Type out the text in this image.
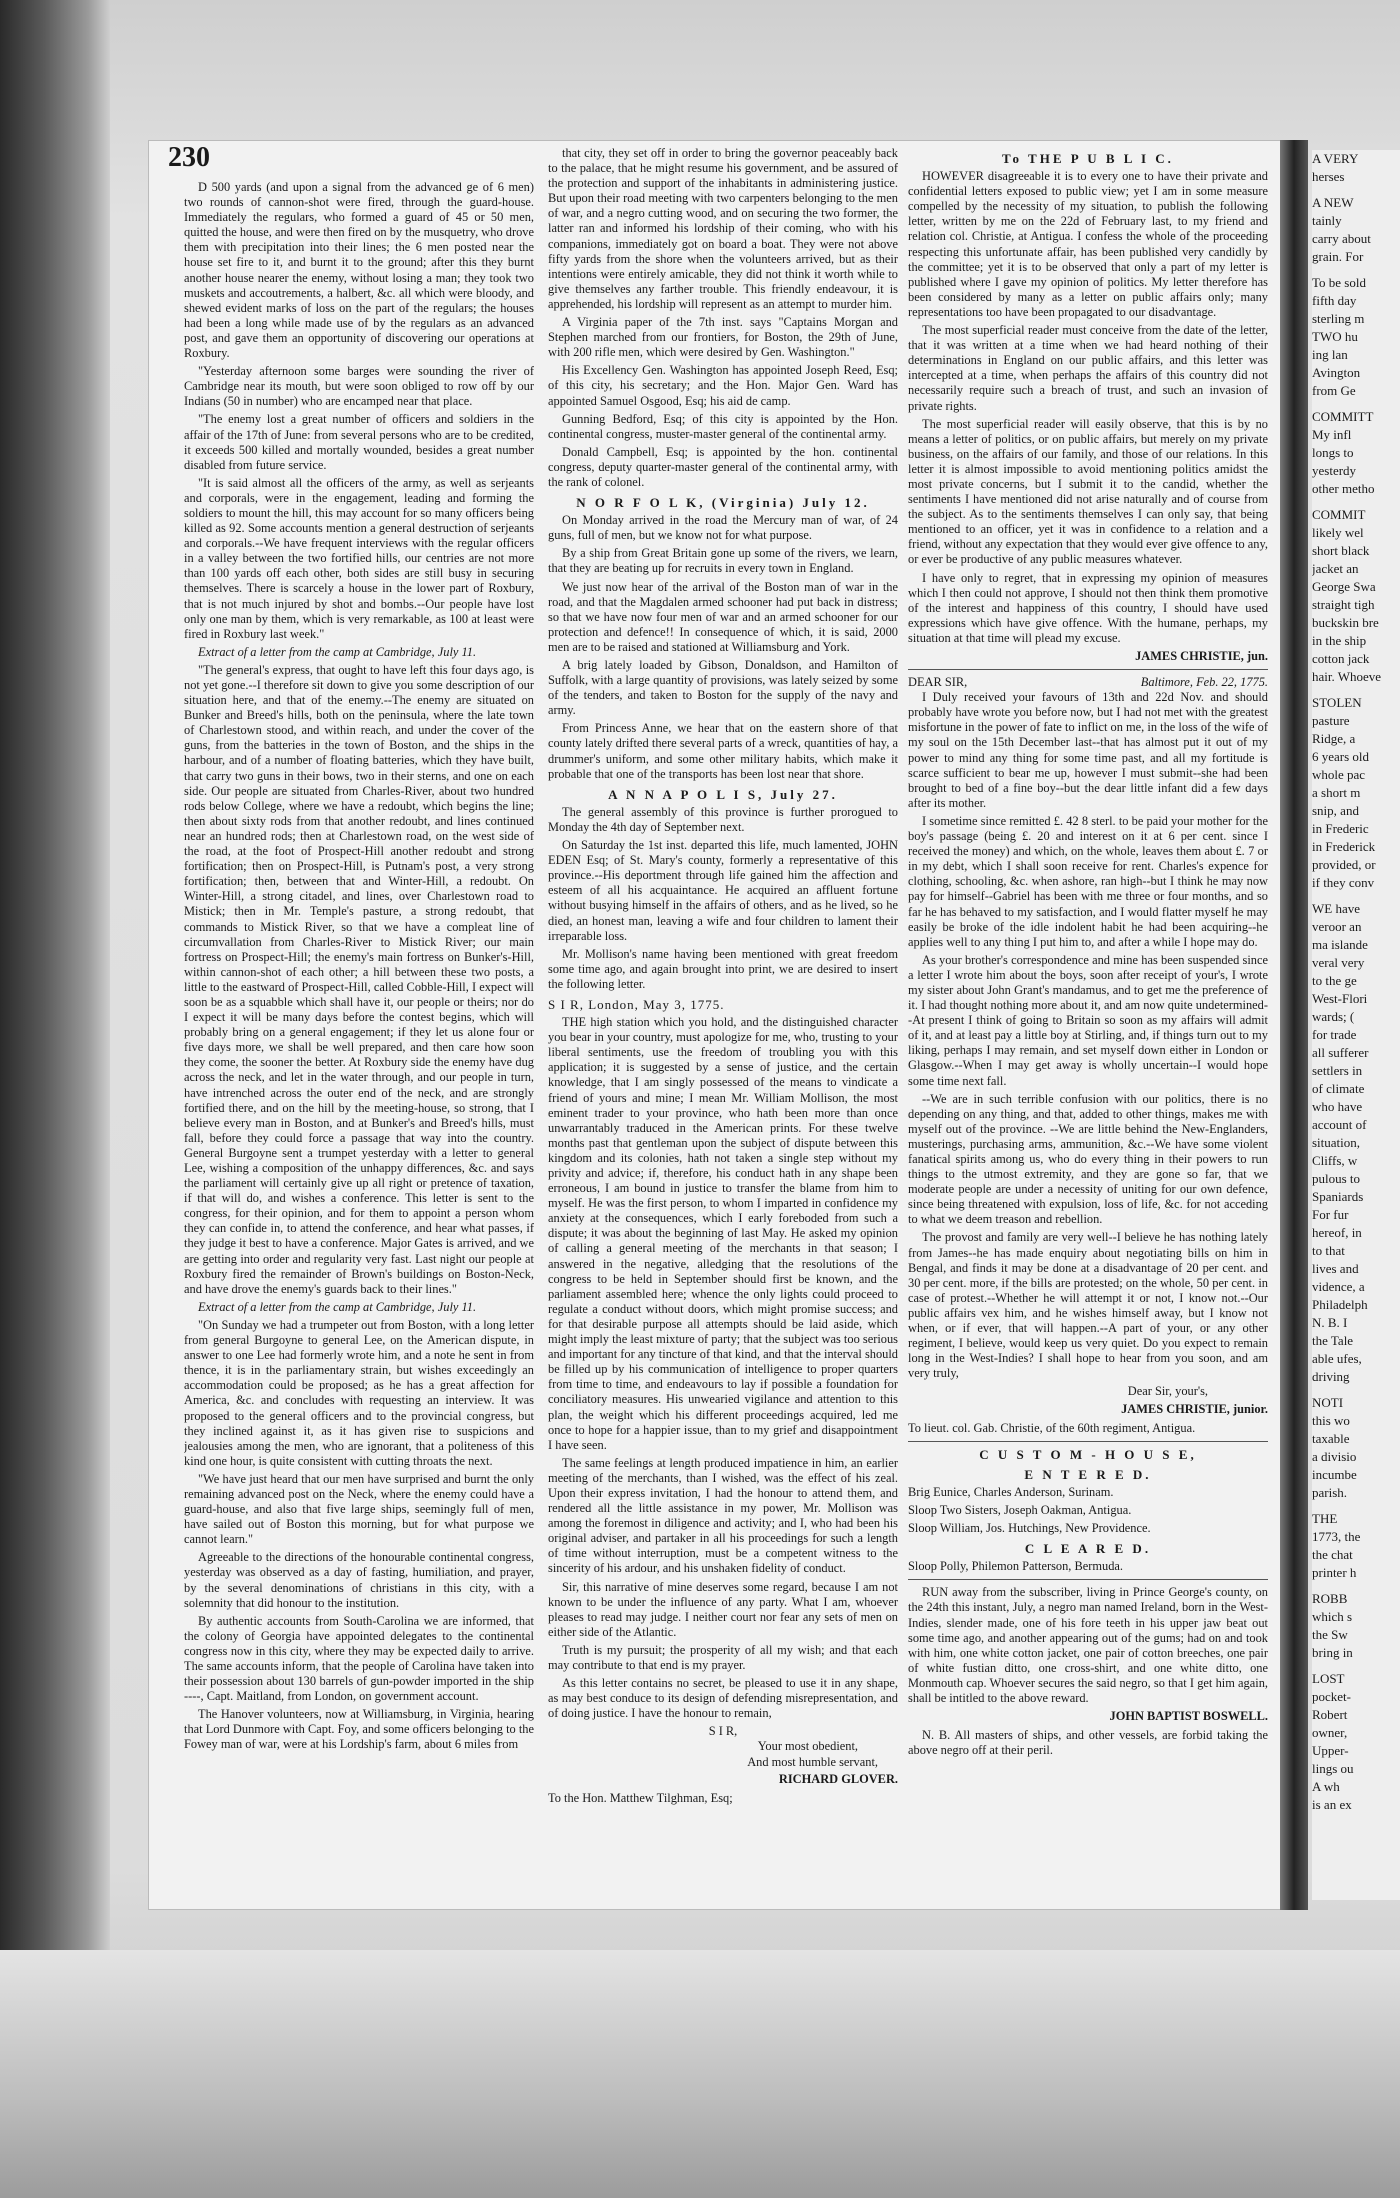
230

D 500 yards (and upon a signal from the advanced ge of 6 men) two rounds of cannon-shot were fired, through the guard-house. Immediately the regulars, who formed a guard of 45 or 50 men, quitted the house, and were then fired on by the musquetry, who drove them with precipitation into their lines; the 6 men posted near the house set fire to it, and burnt it to the ground; after this they burnt another house nearer the enemy, without losing a man; they took two muskets and accoutrements, a halbert, &c. all which were bloody, and shewed evident marks of loss on the part of the regulars; the houses had been a long while made use of by the regulars as an advanced post, and gave them an opportunity of discovering our operations at Roxbury.

"Yesterday afternoon some barges were sounding the river of Cambridge near its mouth, but were soon obliged to row off by our Indians (50 in number) who are encamped near that place.

"The enemy lost a great number of officers and soldiers in the affair of the 17th of June: from several persons who are to be credited, it exceeds 500 killed and mortally wounded, besides a great number disabled from future service.

"It is said almost all the officers of the army, as well as serjeants and corporals, were in the engagement, leading and forming the soldiers to mount the hill, this may account for so many officers being killed as 92. Some accounts mention a general destruction of serjeants and corporals.--We have frequent interviews with the regular officers in a valley between the two fortified hills, our centries are not more than 100 yards off each other, both sides are still busy in securing themselves. There is scarcely a house in the lower part of Roxbury, that is not much injured by shot and bombs.--Our people have lost only one man by them, which is very remarkable, as 100 at least were fired in Roxbury last week."

Extract of a letter from the camp at Cambridge, July 11.

"The general's express, that ought to have left this four days ago, is not yet gone.--I therefore sit down to give you some description of our situation here, and that of the enemy.--The enemy are situated on Bunker and Breed's hills, both on the peninsula, where the late town of Charlestown stood, and within reach, and under the cover of the guns, from the batteries in the town of Boston, and the ships in the harbour, and of a number of floating batteries, which they have built, that carry two guns in their bows, two in their sterns, and one on each side. Our people are situated from Charles-River, about two hundred rods below College, where we have a redoubt, which begins the line; then about sixty rods from that another redoubt, and lines continued near an hundred rods; then at Charlestown road, on the west side of the road, at the foot of Prospect-Hill another redoubt and strong fortification; then on Prospect-Hill, is Putnam's post, a very strong fortification; then, between that and Winter-Hill, a redoubt. On Winter-Hill, a strong citadel, and lines, over Charlestown road to Mistick; then in Mr. Temple's pasture, a strong redoubt, that commands to Mistick River, so that we have a compleat line of circumvallation from Charles-River to Mistick River; our main fortress on Prospect-Hill; the enemy's main fortress on Bunker's-Hill, within cannon-shot of each other; a hill between these two posts, a little to the eastward of Prospect-Hill, called Cobble-Hill, I expect will soon be as a squabble which shall have it, our people or theirs; nor do I expect it will be many days before the contest begins, which will probably bring on a general engagement; if they let us alone four or five days more, we shall be well prepared, and then care how soon they come, the sooner the better. At Roxbury side the enemy have dug across the neck, and let in the water through, and our people in turn, have intrenched across the outer end of the neck, and are strongly fortified there, and on the hill by the meeting-house, so strong, that I believe every man in Boston, and at Bunker's and Breed's hills, must fall, before they could force a passage that way into the country. General Burgoyne sent a trumpet yesterday with a letter to general Lee, wishing a composition of the unhappy differences, &c. and says the parliament will certainly give up all right or pretence of taxation, if that will do, and wishes a conference. This letter is sent to the congress, for their opinion, and for them to appoint a person whom they can confide in, to attend the conference, and hear what passes, if they judge it best to have a conference. Major Gates is arrived, and we are getting into order and regularity very fast. Last night our people at Roxbury fired the remainder of Brown's buildings on Boston-Neck, and have drove the enemy's guards back to their lines."

Extract of a letter from the camp at Cambridge, July 11.

"On Sunday we had a trumpeter out from Boston, with a long letter from general Burgoyne to general Lee, on the American dispute, in answer to one Lee had formerly wrote him, and a note he sent in from thence, it is in the parliamentary strain, but wishes exceedingly an accommodation could be proposed; as he has a great affection for America, &c. and concludes with requesting an interview. It was proposed to the general officers and to the provincial congress, but they inclined against it, as it has given rise to suspicions and jealousies among the men, who are ignorant, that a politeness of this kind one hour, is quite consistent with cutting throats the next.

"We have just heard that our men have surprised and burnt the only remaining advanced post on the Neck, where the enemy could have a guard-house, and also that five large ships, seemingly full of men, have sailed out of Boston this morning, but for what purpose we cannot learn."

Agreeable to the directions of the honourable continental congress, yesterday was observed as a day of fasting, humiliation, and prayer, by the several denominations of christians in this city, with a solemnity that did honour to the institution.

By authentic accounts from South-Carolina we are informed, that the colony of Georgia have appointed delegates to the continental congress now in this city, where they may be expected daily to arrive. The same accounts inform, that the people of Carolina have taken into their possession about 130 barrels of gun-powder imported in the ship ----, Capt. Maitland, from London, on government account.

The Hanover volunteers, now at Williamsburg, in Virginia, hearing that Lord Dunmore with Capt. Foy, and some officers belonging to the Fowey man of war, were at his Lordship's farm, about 6 miles from

that city, they set off in order to bring the governor peaceably back to the palace, that he might resume his government, and be assured of the protection and support of the inhabitants in administering justice. But upon their road meeting with two carpenters belonging to the men of war, and a negro cutting wood, and on securing the two former, the latter ran and informed his lordship of their coming, who with his companions, immediately got on board a boat. They were not above fifty yards from the shore when the volunteers arrived, but as their intentions were entirely amicable, they did not think it worth while to give themselves any farther trouble. This friendly endeavour, it is apprehended, his lordship will represent as an attempt to murder him.

A Virginia paper of the 7th inst. says "Captains Morgan and Stephen marched from our frontiers, for Boston, the 29th of June, with 200 rifle men, which were desired by Gen. Washington."

His Excellency Gen. Washington has appointed Joseph Reed, Esq; of this city, his secretary; and the Hon. Major Gen. Ward has appointed Samuel Osgood, Esq; his aid de camp.

Gunning Bedford, Esq; of this city is appointed by the Hon. continental congress, muster-master general of the continental army.

Donald Campbell, Esq; is appointed by the hon. continental congress, deputy quarter-master general of the continental army, with the rank of colonel.

N O R F O L K, (Virginia) July 12.

On Monday arrived in the road the Mercury man of war, of 24 guns, full of men, but we know not for what purpose.

By a ship from Great Britain gone up some of the rivers, we learn, that they are beating up for recruits in every town in England.

We just now hear of the arrival of the Boston man of war in the road, and that the Magdalen armed schooner had put back in distress; so that we have now four men of war and an armed schooner for our protection and defence!! In consequence of which, it is said, 2000 men are to be raised and stationed at Williamsburg and York.

A brig lately loaded by Gibson, Donaldson, and Hamilton of Suffolk, with a large quantity of provisions, was lately seized by some of the tenders, and taken to Boston for the supply of the navy and army.

From Princess Anne, we hear that on the eastern shore of that county lately drifted there several parts of a wreck, quantities of hay, a drummer's uniform, and some other military habits, which make it probable that one of the transports has been lost near that shore.

A N N A P O L I S, July 27.

The general assembly of this province is further prorogued to Monday the 4th day of September next.

On Saturday the 1st inst. departed this life, much lamented, JOHN EDEN Esq; of St. Mary's county, formerly a representative of this province.--His deportment through life gained him the affection and esteem of all his acquaintance. He acquired an affluent fortune without busying himself in the affairs of others, and as he lived, so he died, an honest man, leaving a wife and four children to lament their irreparable loss.

Mr. Mollison's name having been mentioned with great freedom some time ago, and again brought into print, we are desired to insert the following letter.

S I R, London, May 3, 1775.

THE high station which you hold, and the distinguished character you bear in your country, must apologize for me, who, trusting to your liberal sentiments, use the freedom of troubling you with this application; it is suggested by a sense of justice, and the certain knowledge, that I am singly possessed of the means to vindicate a friend of yours and mine; I mean Mr. William Mollison, the most eminent trader to your province, who hath been more than once unwarrantably traduced in the American prints. For these twelve months past that gentleman upon the subject of dispute between this kingdom and its colonies, hath not taken a single step without my privity and advice; if, therefore, his conduct hath in any shape been erroneous, I am bound in justice to transfer the blame from him to myself. He was the first person, to whom I imparted in confidence my anxiety at the consequences, which I early foreboded from such a dispute; it was about the beginning of last May. He asked my opinion of calling a general meeting of the merchants in that season; I answered in the negative, alledging that the resolutions of the congress to be held in September should first be known, and the parliament assembled here; whence the only lights could proceed to regulate a conduct without doors, which might promise success; and for that desirable purpose all attempts should be laid aside, which might imply the least mixture of party; that the subject was too serious and important for any tincture of that kind, and that the interval should be filled up by his communication of intelligence to proper quarters from time to time, and endeavours to lay if possible a foundation for conciliatory measures. His unwearied vigilance and attention to this plan, the weight which his different proceedings acquired, led me once to hope for a happier issue, than to my grief and disappointment I have seen.

The same feelings at length produced impatience in him, an earlier meeting of the merchants, than I wished, was the effect of his zeal. Upon their express invitation, I had the honour to attend them, and rendered all the little assistance in my power, Mr. Mollison was among the foremost in diligence and activity; and I, who had been his original adviser, and partaker in all his proceedings for such a length of time without interruption, must be a competent witness to the sincerity of his ardour, and his unshaken fidelity of conduct.

Sir, this narrative of mine deserves some regard, because I am not known to be under the influence of any party. What I am, whoever pleases to read may judge. I neither court nor fear any sets of men on either side of the Atlantic.

Truth is my pursuit; the prosperity of all my wish; and that each may contribute to that end is my prayer.

As this letter contains no secret, be pleased to use it in any shape, as may best conduce to its design of defending misrepresentation, and of doing justice. I have the honour to remain,

S I R,
Your most obedient,
And most humble servant,
RICHARD GLOVER.
To the Hon. Matthew Tilghman, Esq;
To THE P U B L I C.

HOWEVER disagreeable it is to every one to have their private and confidential letters exposed to public view; yet I am in some measure compelled by the necessity of my situation, to publish the following letter, written by me on the 22d of February last, to my friend and relation col. Christie, at Antigua. I confess the whole of the proceeding respecting this unfortunate affair, has been published very candidly by the committee; yet it is to be observed that only a part of my letter is published where I gave my opinion of politics. My letter therefore has been considered by many as a letter on public affairs only; many representations too have been propagated to our disadvantage.

The most superficial reader must conceive from the date of the letter, that it was written at a time when we had heard nothing of their determinations in England on our public affairs, and this letter was intercepted at a time, when perhaps the affairs of this country did not necessarily require such a breach of trust, and such an invasion of private rights.

The most superficial reader will easily observe, that this is by no means a letter of politics, or on public affairs, but merely on my private business, on the affairs of our family, and those of our relations. In this letter it is almost impossible to avoid mentioning politics amidst the most private concerns, but I submit it to the candid, whether the sentiments I have mentioned did not arise naturally and of course from the subject. As to the sentiments themselves I can only say, that being mentioned to an officer, yet it was in confidence to a relation and a friend, without any expectation that they would ever give offence to any, or ever be productive of any public measures whatever.

I have only to regret, that in expressing my opinion of measures which I then could not approve, I should not then think them promotive of the interest and happiness of this country, I should have used expressions which have give offence. With the humane, perhaps, my situation at that time will plead my excuse.

JAMES CHRISTIE, jun.
DEAR SIR,	Baltimore, Feb. 22, 1775.

I Duly received your favours of 13th and 22d Nov. and should probably have wrote you before now, but I had not met with the greatest misfortune in the power of fate to inflict on me, in the loss of the wife of my soul on the 15th December last--that has almost put it out of my power to mind any thing for some time past, and all my fortitude is scarce sufficient to bear me up, however I must submit--she had been brought to bed of a fine boy--but the dear little infant did a few days after its mother.

I sometime since remitted £. 42 8 sterl. to be paid your mother for the boy's passage (being £. 20 and interest on it at 6 per cent. since I received the money) and which, on the whole, leaves them about £. 7 or in my debt, which I shall soon receive for rent. Charles's expence for clothing, schooling, &c. when ashore, ran high--but I think he may now pay for himself--Gabriel has been with me three or four months, and so far he has behaved to my satisfaction, and I would flatter myself he may easily be broke of the idle indolent habit he had been acquiring--he applies well to any thing I put him to, and after a while I hope may do.

As your brother's correspondence and mine has been suspended since a letter I wrote him about the boys, soon after receipt of your's, I wrote my sister about John Grant's mandamus, and to get me the preference of it. I had thought nothing more about it, and am now quite undetermined--At present I think of going to Britain so soon as my affairs will admit of it, and at least pay a little boy at Stirling, and, if things turn out to my liking, perhaps I may remain, and set myself down either in London or Glasgow.--When I may get away is wholly uncertain--I would hope some time next fall.

--We are in such terrible confusion with our politics, there is no depending on any thing, and that, added to other things, makes me with myself out of the province. --We are little behind the New-Englanders, musterings, purchasing arms, ammunition, &c.--We have some violent fanatical spirits among us, who do every thing in their powers to run things to the utmost extremity, and they are gone so far, that we moderate people are under a necessity of uniting for our own defence, since being threatened with expulsion, loss of life, &c. for not acceding to what we deem treason and rebellion.

The provost and family are very well--I believe he has nothing lately from James--he has made enquiry about negotiating bills on him in Bengal, and finds it may be done at a disadvantage of 20 per cent. and 30 per cent. more, if the bills are protested; on the whole, 50 per cent. in case of protest.--Whether he will attempt it or not, I know not.--Our public affairs vex him, and he wishes himself away, but I know not when, or if ever, that will happen.--A part of your, or any other regiment, I believe, would keep us very quiet. Do you expect to remain long in the West-Indies? I shall hope to hear from you soon, and am very truly,

Dear Sir, your's,
JAMES CHRISTIE, junior.
To lieut. col. Gab. Christie, of the 60th regiment, Antigua.
C U S T O M - H O U S E,
E N T E R E D.

Brig Eunice, Charles Anderson, Surinam.

Sloop Two Sisters, Joseph Oakman, Antigua.

Sloop William, Jos. Hutchings, New Providence.

C L E A R E D.

Sloop Polly, Philemon Patterson, Bermuda.

RUN away from the subscriber, living in Prince George's county, on the 24th this instant, July, a negro man named Ireland, born in the West-Indies, slender made, one of his fore teeth in his upper jaw beat out some time ago, and another appearing out of the gums; had on and took with him, one white cotton jacket, one pair of cotton breeches, one pair of white fustian ditto, one cross-shirt, and one white ditto, one Monmouth cap. Whoever secures the said negro, so that I get him again, shall be intitled to the above reward.

JOHN BAPTIST BOSWELL.

N. B. All masters of ships, and other vessels, are forbid taking the above negro off at their peril.

A VERY
herses
A NEW
tainly
carry about
grain. For
To be sold
fifth day
sterling m
TWO hu
ing lan
Avington
from Ge
COMMITT
My infl
longs to
yesterdy
other metho
COMMIT
likely wel
short black
jacket an
George Swa
straight tigh
buckskin bre
in the ship
cotton jack
hair. Whoeve
STOLEN
pasture
Ridge, a
6 years old
whole pac
a short m
snip, and
in Frederic
in Frederick
provided, or
if they conv
WE have
veroor an
ma islande
veral very
to the ge
West-Flori
wards; (
for trade
all sufferer
settlers in
of climate
who have
account of
situation,
Cliffs, w
pulous to
Spaniards
For fur
hereof, in
to that
lives and
vidence, a
Philadelph
N. B. I
the Tale
able ufes,
driving
NOTI
this wo
taxable
a divisio
incumbe
parish.
THE
1773, the
the chat
printer h
ROBB
which s
the Sw
bring in
LOST
pocket-
Robert
owner,
Upper-
lings ou
A wh
is an ex
